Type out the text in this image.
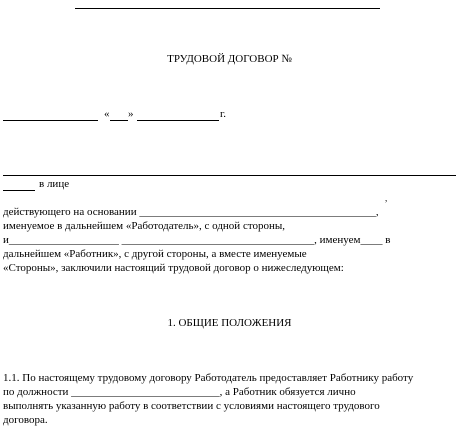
ТРУДОВОЙ ДОГОВОР №
« »	г.
в лице
,
действующего на основании ___________________________________________,
именуемое в дальнейшем «Работодатель», с одной стороны,
и____________________ ___________________________________, именуем____ в
дальнейшем «Работник», с другой стороны, а вместе именуемые
«Стороны», заключили настоящий трудовой договор о нижеследующем:
1. ОБЩИЕ ПОЛОЖЕНИЯ
1.1. По настоящему трудовому договору Работодатель предоставляет Работнику работу
по должности ___________________________, а Работник обязуется лично
выполнять указанную работу в соответствии с условиями настоящего трудового
договора.
